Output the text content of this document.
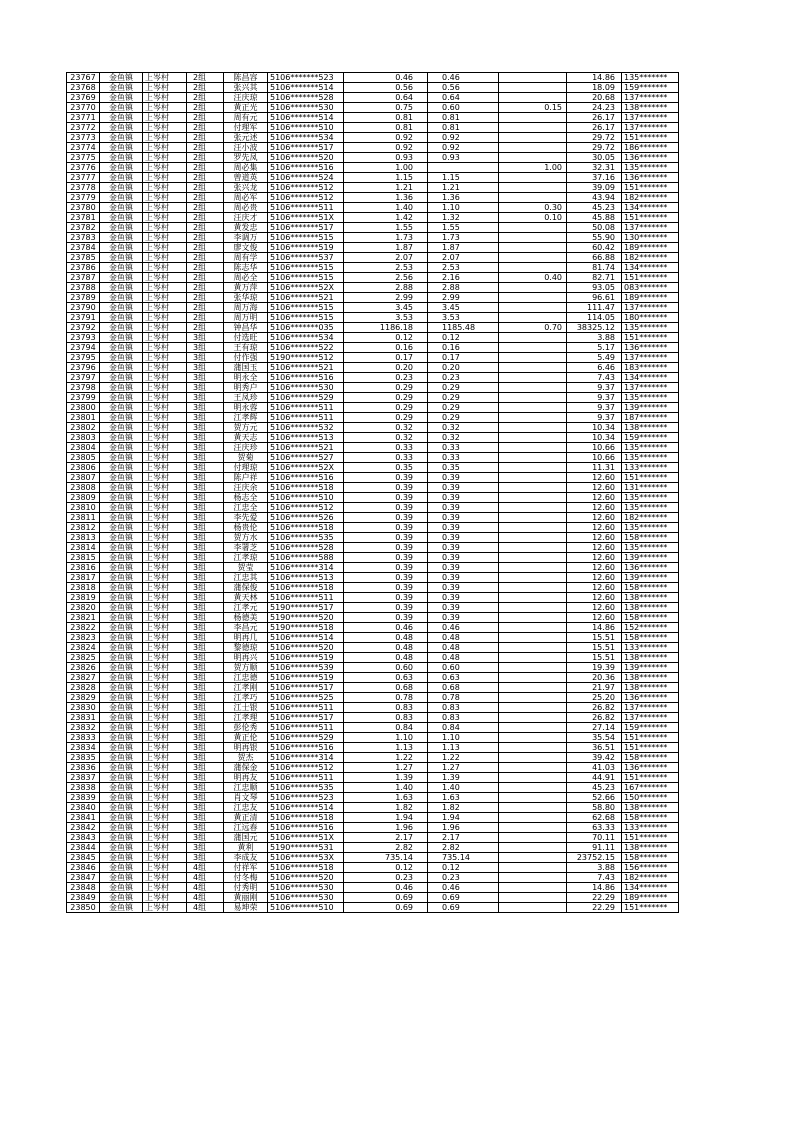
23767	金鱼镇	上岑村	2组	陈昌容	5106*******523	0.46	0.46		14.86	135*******
23768	金鱼镇	上岑村	2组	张兴其	5106*******514	0.56	0.56		18.09	159*******
23769	金鱼镇	上岑村	2组	汪庆琼	5106*******528	0.64	0.64		20.68	137*******
23770	金鱼镇	上岑村	2组	黄正光	5106*******530	0.75	0.60	0.15	24.23	138*******
23771	金鱼镇	上岑村	2组	周有元	5106*******514	0.81	0.81		26.17	137*******
23772	金鱼镇	上岑村	2组	付理军	5106*******510	0.81	0.81		26.17	137*******
23773	金鱼镇	上岑村	2组	张元述	5106*******534	0.92	0.92		29.72	151*******
23774	金鱼镇	上岑村	2组	汪小波	5106*******517	0.92	0.92		29.72	186*******
23775	金鱼镇	上岑村	2组	罗先凤	5106*******520	0.93	0.93		30.05	136*******
23776	金鱼镇	上岑村	2组	周必集	5106*******516	1.00		1.00	32.31	135*******
23777	金鱼镇	上岑村	2组	曾道英	5106*******524	1.15	1.15		37.16	136*******
23778	金鱼镇	上岑村	2组	张兴龙	5106*******512	1.21	1.21		39.09	151*******
23779	金鱼镇	上岑村	2组	周必军	5106*******512	1.36	1.36		43.94	182*******
23780	金鱼镇	上岑村	2组	周必贵	5106*******511	1.40	1.10	0.30	45.23	134*******
23781	金鱼镇	上岑村	2组	汪庆才	5106*******51X	1.42	1.32	0.10	45.88	151*******
23782	金鱼镇	上岑村	2组	黄发忠	5106*******517	1.55	1.55		50.08	137*******
23783	金鱼镇	上岑村	2组	李调万	5106*******515	1.73	1.73		55.90	130*******
23784	金鱼镇	上岑村	2组	廖文俊	5106*******519	1.87	1.87		60.42	189*******
23785	金鱼镇	上岑村	2组	周有学	5106*******537	2.07	2.07		66.88	182*******
23786	金鱼镇	上岑村	2组	陈志华	5106*******515	2.53	2.53		81.74	134*******
23787	金鱼镇	上岑村	2组	周必全	5106*******515	2.56	2.16	0.40	82.71	151*******
23788	金鱼镇	上岑村	2组	黄万萍	5106*******52X	2.88	2.88		93.05	083*******
23789	金鱼镇	上岑村	2组	张华琼	5106*******521	2.99	2.99		96.61	189*******
23790	金鱼镇	上岑村	2组	周万海	5106*******515	3.45	3.45		111.47	137*******
23791	金鱼镇	上岑村	2组	周万明	5106*******515	3.53	3.53		114.05	180*******
23792	金鱼镇	上岑村	2组	钟昌华	5106*******035	1186.18	1185.48	0.70	38325.12	135*******
23793	金鱼镇	上岑村	3组	付选旺	5106*******534	0.12	0.12		3.88	151*******
23794	金鱼镇	上岑村	3组	王有琼	5106*******522	0.16	0.16		5.17	136*******
23795	金鱼镇	上岑村	3组	付作强	5190*******512	0.17	0.17		5.49	137*******
23796	金鱼镇	上岑村	3组	蒲国玉	5106*******521	0.20	0.20		6.46	183*******
23797	金鱼镇	上岑村	3组	明永全	5106*******516	0.23	0.23		7.43	134*******
23798	金鱼镇	上岑村	3组	明秀户	5106*******530	0.29	0.29		9.37	137*******
23799	金鱼镇	上岑村	3组	王凤珍	5106*******529	0.29	0.29		9.37	135*******
23800	金鱼镇	上岑村	3组	明永蓉	5106*******511	0.29	0.29		9.37	139*******
23801	金鱼镇	上岑村	3组	江孝辉	5106*******511	0.29	0.29		9.37	187*******
23802	金鱼镇	上岑村	3组	贺方元	5106*******532	0.32	0.32		10.34	138*******
23803	金鱼镇	上岑村	3组	黄天志	5106*******513	0.32	0.32		10.34	159*******
23804	金鱼镇	上岑村	3组	汪庆珍	5106*******521	0.33	0.33		10.66	135*******
23805	金鱼镇	上岑村	3组	贺菊	5106*******527	0.33	0.33		10.66	135*******
23806	金鱼镇	上岑村	3组	付理琼	5106*******52X	0.35	0.35		11.31	133*******
23807	金鱼镇	上岑村	3组	陈户祥	5106*******516	0.39	0.39		12.60	151*******
23808	金鱼镇	上岑村	3组	汪庆余	5106*******518	0.39	0.39		12.60	131*******
23809	金鱼镇	上岑村	3组	杨志全	5106*******510	0.39	0.39		12.60	135*******
23810	金鱼镇	上岑村	3组	江忠全	5106*******512	0.39	0.39		12.60	135*******
23811	金鱼镇	上岑村	3组	李先爱	5106*******526	0.39	0.39		12.60	182*******
23812	金鱼镇	上岑村	3组	杨贵伦	5106*******518	0.39	0.39		12.60	135*******
23813	金鱼镇	上岑村	3组	贺方水	5106*******535	0.39	0.39		12.60	158*******
23814	金鱼镇	上岑村	3组	李署芝	5106*******528	0.39	0.39		12.60	135*******
23815	金鱼镇	上岑村	3组	江孝琼	5106*******588	0.39	0.39		12.60	139*******
23816	金鱼镇	上岑村	3组	贺莹	5106*******314	0.39	0.39		12.60	136*******
23817	金鱼镇	上岑村	3组	江忠其	5106*******513	0.39	0.39		12.60	139*******
23818	金鱼镇	上岑村	3组	蒲保俊	5106*******518	0.39	0.39		12.60	158*******
23819	金鱼镇	上岑村	3组	黄天林	5106*******511	0.39	0.39		12.60	138*******
23820	金鱼镇	上岑村	3组	江孝元	5190*******517	0.39	0.39		12.60	138*******
23821	金鱼镇	上岑村	3组	杨德美	5190*******520	0.39	0.39		12.60	158*******
23822	金鱼镇	上岑村	3组	李昌元	5190*******518	0.46	0.46		14.86	152*******
23823	金鱼镇	上岑村	3组	明再几	5106*******514	0.48	0.48		15.51	158*******
23824	金鱼镇	上岑村	3组	黎德琼	5106*******520	0.48	0.48		15.51	133*******
23825	金鱼镇	上岑村	3组	明再兴	5106*******519	0.48	0.48		15.51	138*******
23826	金鱼镇	上岑村	3组	贺方顺	5106*******539	0.60	0.60		19.39	139*******
23827	金鱼镇	上岑村	3组	江忠德	5106*******519	0.63	0.63		20.36	138*******
23828	金鱼镇	上岑村	3组	江孝刚	5106*******517	0.68	0.68		21.97	138*******
23829	金鱼镇	上岑村	3组	江孝巧	5106*******525	0.78	0.78		25.20	136*******
23830	金鱼镇	上岑村	3组	江士银	5106*******511	0.83	0.83		26.82	137*******
23831	金鱼镇	上岑村	3组	江孝理	5106*******517	0.83	0.83		26.82	137*******
23832	金鱼镇	上岑村	3组	彭伦秀	5106*******511	0.84	0.84		27.14	159*******
23833	金鱼镇	上岑村	3组	黄正伦	5106*******529	1.10	1.10		35.54	151*******
23834	金鱼镇	上岑村	3组	明再银	5106*******516	1.13	1.13		36.51	151*******
23835	金鱼镇	上岑村	3组	贺杰	5106*******314	1.22	1.22		39.42	158*******
23836	金鱼镇	上岑村	3组	蒲保金	5106*******512	1.27	1.27		41.03	136*******
23837	金鱼镇	上岑村	3组	明再友	5106*******511	1.39	1.39		44.91	151*******
23838	金鱼镇	上岑村	3组	江忠顺	5106*******535	1.40	1.40		45.23	167*******
23839	金鱼镇	上岑村	3组	肖文琴	5106*******523	1.63	1.63		52.66	150*******
23840	金鱼镇	上岑村	3组	江忠友	5106*******514	1.82	1.82		58.80	138*******
23841	金鱼镇	上岑村	3组	黄正清	5106*******518	1.94	1.94		62.68	158*******
23842	金鱼镇	上岑村	3组	江远春	5106*******516	1.96	1.96		63.33	133*******
23843	金鱼镇	上岑村	3组	蒲国元	5106*******51X	2.17	2.17		70.11	151*******
23844	金鱼镇	上岑村	3组	黄利	5190*******531	2.82	2.82		91.11	138*******
23845	金鱼镇	上岑村	3组	李成友	5106*******53X	735.14	735.14		23752.15	158*******
23846	金鱼镇	上岑村	4组	付祥军	5106*******518	0.12	0.12		3.88	156*******
23847	金鱼镇	上岑村	4组	付冬梅	5106*******520	0.23	0.23		7.43	182*******
23848	金鱼镇	上岑村	4组	付秀明	5106*******530	0.46	0.46		14.86	134*******
23849	金鱼镇	上岑村	4组	黄丽刚	5106*******530	0.69	0.69		22.29	189*******
23850	金鱼镇	上岑村	4组	易坤荣	5106*******510	0.69	0.69		22.29	151*******
